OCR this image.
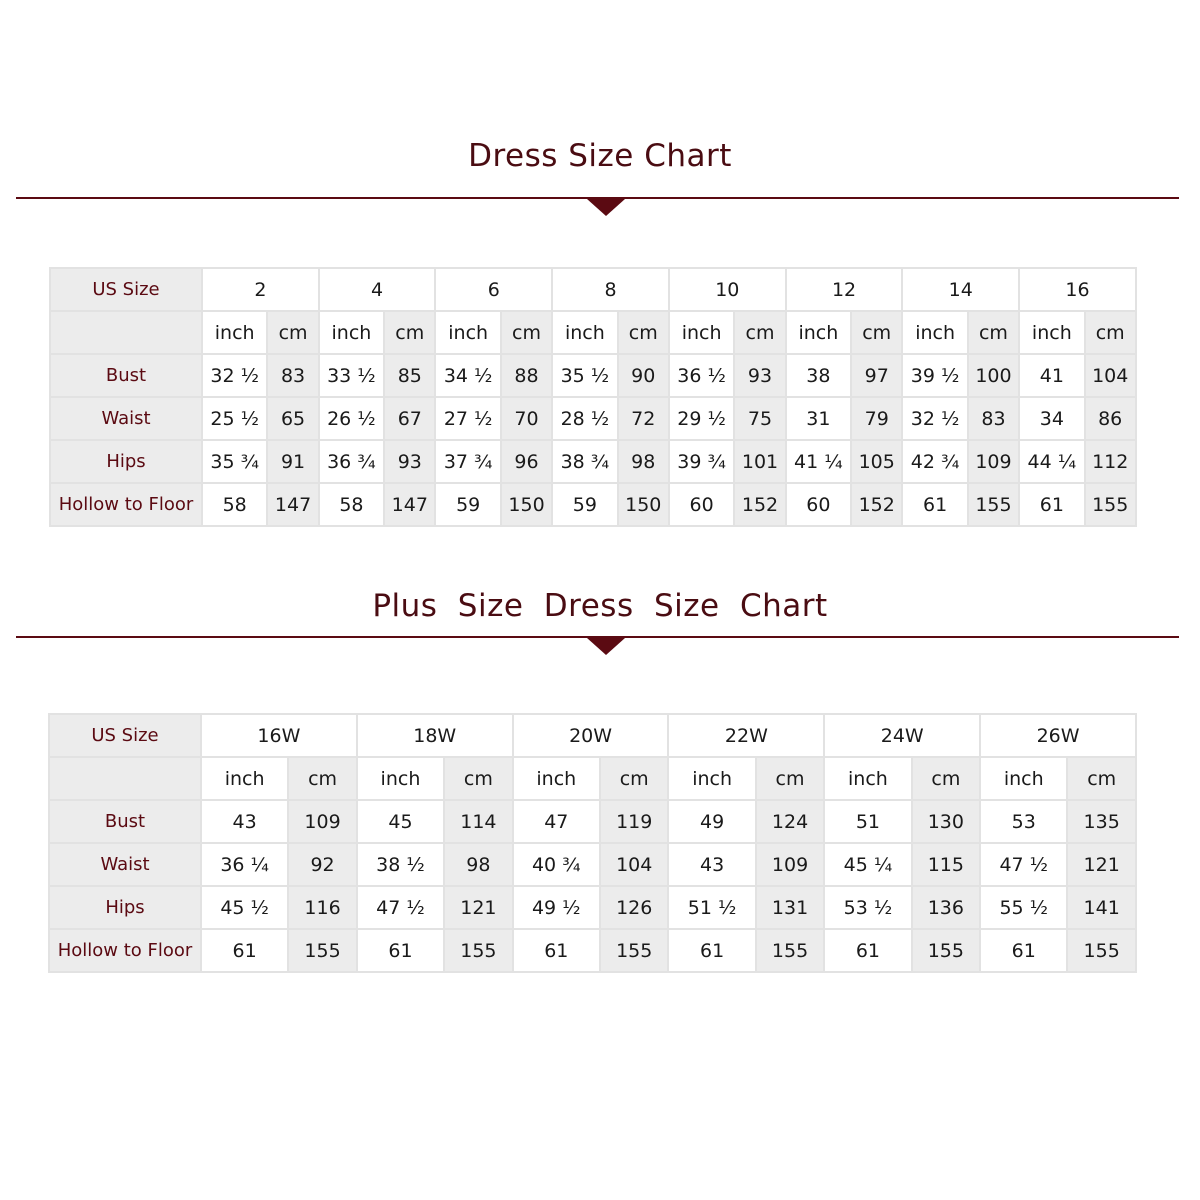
Dress Size Chart
US Size	2		4		6		8		10		12		14		16	
	inch	cm	inch	cm	inch	cm	inch	cm	inch	cm	inch	cm	inch	cm	inch	cm
Bust	32 ½	83	33 ½	85	34 ½	88	35 ½	90	36 ½	93	38	97	39 ½	100	41	104
Waist	25 ½	65	26 ½	67	27 ½	70	28 ½	72	29 ½	75	31	79	32 ½	83	34	86
Hips	35 ¾	91	36 ¾	93	37 ¾	96	38 ¾	98	39 ¾	101	41 ¼	105	42 ¾	109	44 ¼	112
Hollow to Floor	58	147	58	147	59	150	59	150	60	152	60	152	61	155	61	155
Plus Size Dress Size Chart
US Size	16W		18W		20W		22W		24W		26W	
	inch	cm	inch	cm	inch	cm	inch	cm	inch	cm	inch	cm
Bust	43	109	45	114	47	119	49	124	51	130	53	135
Waist	36 ¼	92	38 ½	98	40 ¾	104	43	109	45 ¼	115	47 ½	121
Hips	45 ½	116	47 ½	121	49 ½	126	51 ½	131	53 ½	136	55 ½	141
Hollow to Floor	61	155	61	155	61	155	61	155	61	155	61	155
